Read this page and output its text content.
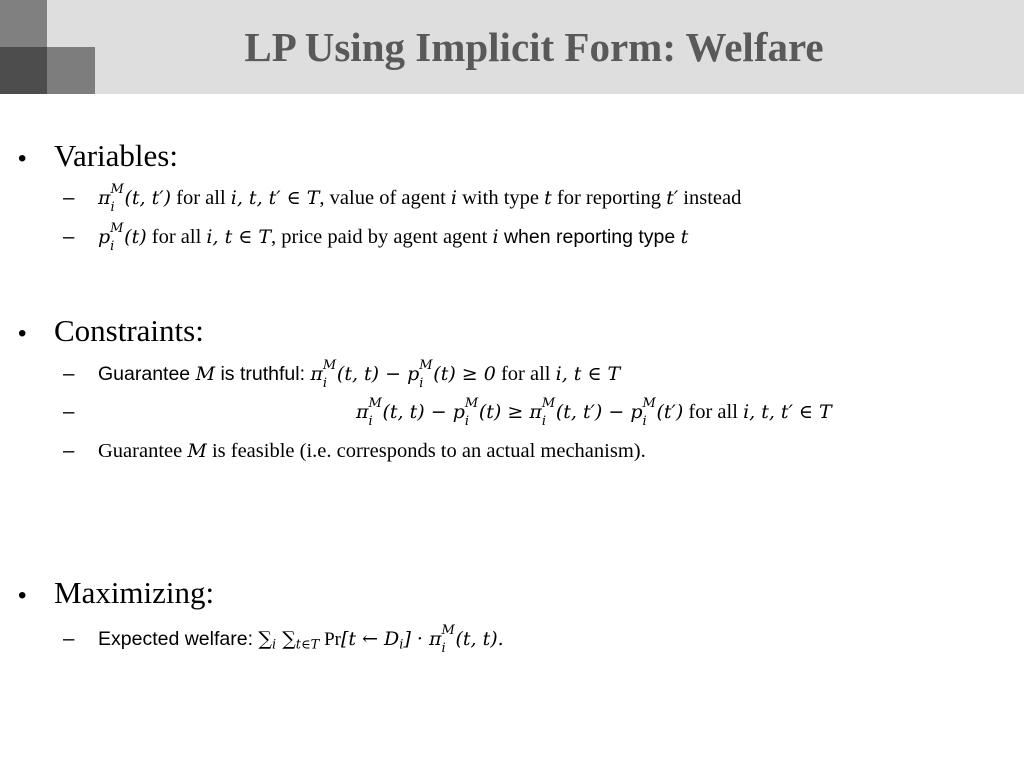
LP Using Implicit Form: Welfare
• Variables:
– π M
i (t, t′) for all i, t, t′ ∈ T, value of agent i with type t for reporting t′ instead
– p M
i (t) for all i, t ∈ T, price paid by agent agent i when reporting type t
• Constraints:
– Guarantee M is truthful: π M
i (t, t) − p M
i (t) ≥ 0 for all i, t ∈ T
–	π M
i (t, t) − p M
i (t) ≥ π M
i (t, t′) − p M
i (t′) for all i, t, t′ ∈ T
– Guarantee M is feasible (i.e. corresponds to an actual mechanism).
• Maximizing:
– Expected welfare: $\sum_i$ $\sum_{t\in T}$ Pr[t ← $D_i] \cdot \pi$ M
i (t, t).
